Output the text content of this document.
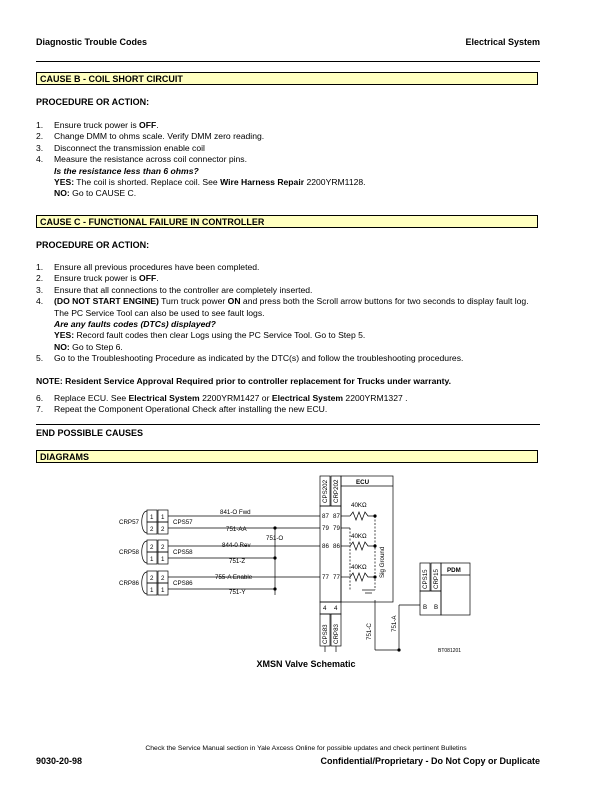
Diagnostic Trouble Codes	Electrical System
CAUSE B - COIL SHORT CIRCUIT
PROCEDURE OR ACTION:
1. Ensure truck power is OFF.
2. Change DMM to ohms scale. Verify DMM zero reading.
3. Disconnect the transmission enable coil
4. Measure the resistance across coil connector pins.
Is the resistance less than 6 ohms?
YES: The coil is shorted. Replace coil. See Wire Harness Repair 2200YRM1128.
NO: Go to CAUSE C.
CAUSE C - FUNCTIONAL FAILURE IN CONTROLLER
PROCEDURE OR ACTION:
1. Ensure all previous procedures have been completed.
2. Ensure truck power is OFF.
3. Ensure that all connections to the controller are completely inserted.
4. (DO NOT START ENGINE) Turn truck power ON and press both the Scroll arrow buttons for two seconds to display fault log. The PC Service Tool can also be used to see fault logs.
Are any faults codes (DTCs) displayed?
YES: Record fault codes then clear Logs using the PC Service Tool. Go to Step 5.
NO: Go to Step 6.
5. Go to the Troubleshooting Procedure as indicated by the DTC(s) and follow the troubleshooting procedures.
NOTE: Resident Service Approval Required prior to controller replacement for Trucks under warranty.
6. Replace ECU. See Electrical System 2200YRM1427 or Electrical System 2200YRM1327 .
7. Repeat the Component Operational Check after installing the new ECU.
END POSSIBLE CAUSES
DIAGRAMS
ECU
PDM
CPS202 CRP202
CPS83 CRP83
CPS15 CRP15
Sig Ground
CRP57	CPS57
CRP58	CPS58
CRP86	CPS86
841-O Fwd
751-AA
751-O
844-0 Rev
751-Z
755-A Enable
751-Y
751-C	751-A
40KΩ
40KΩ
40KΩ
87 87
79 79
86 86
77 77
4 4	B B
1 1
2 2
2 2
1 1
2 2
1 1
BT081201
XMSN Valve Schematic
Check the Service Manual section in Yale Axcess Online for possible updates and check pertinent Bulletins
9030-20-98	Confidential/Proprietary - Do Not Copy or Duplicate
